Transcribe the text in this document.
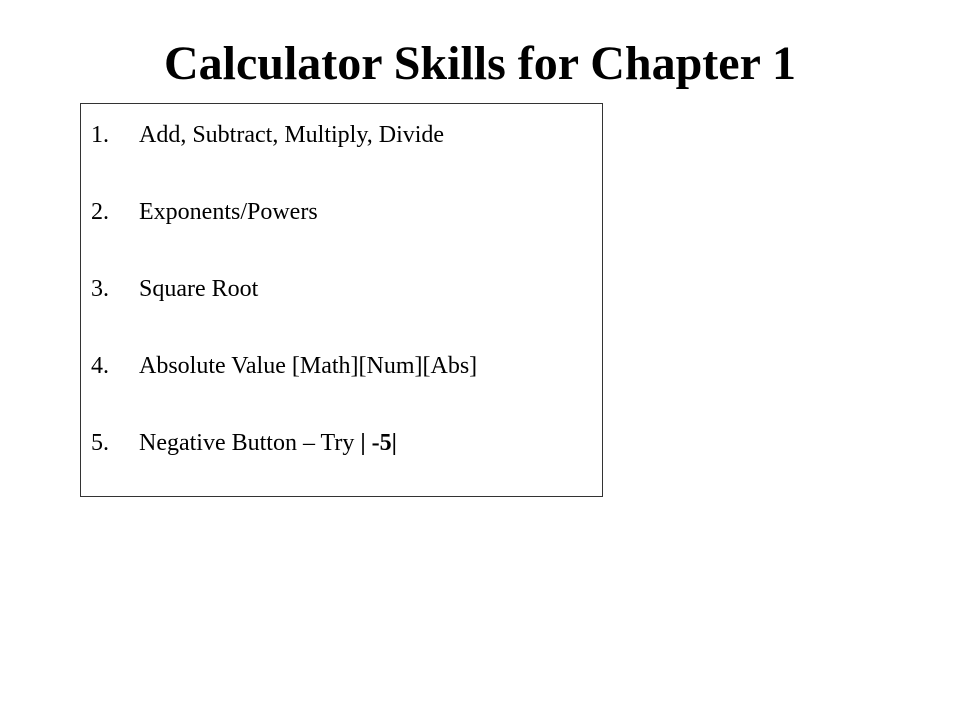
Calculator Skills for Chapter 1
1. Add, Subtract, Multiply, Divide
2. Exponents/Powers
3. Square Root
4. Absolute Value [Math][Num][Abs]
5. Negative Button – Try | -5|
